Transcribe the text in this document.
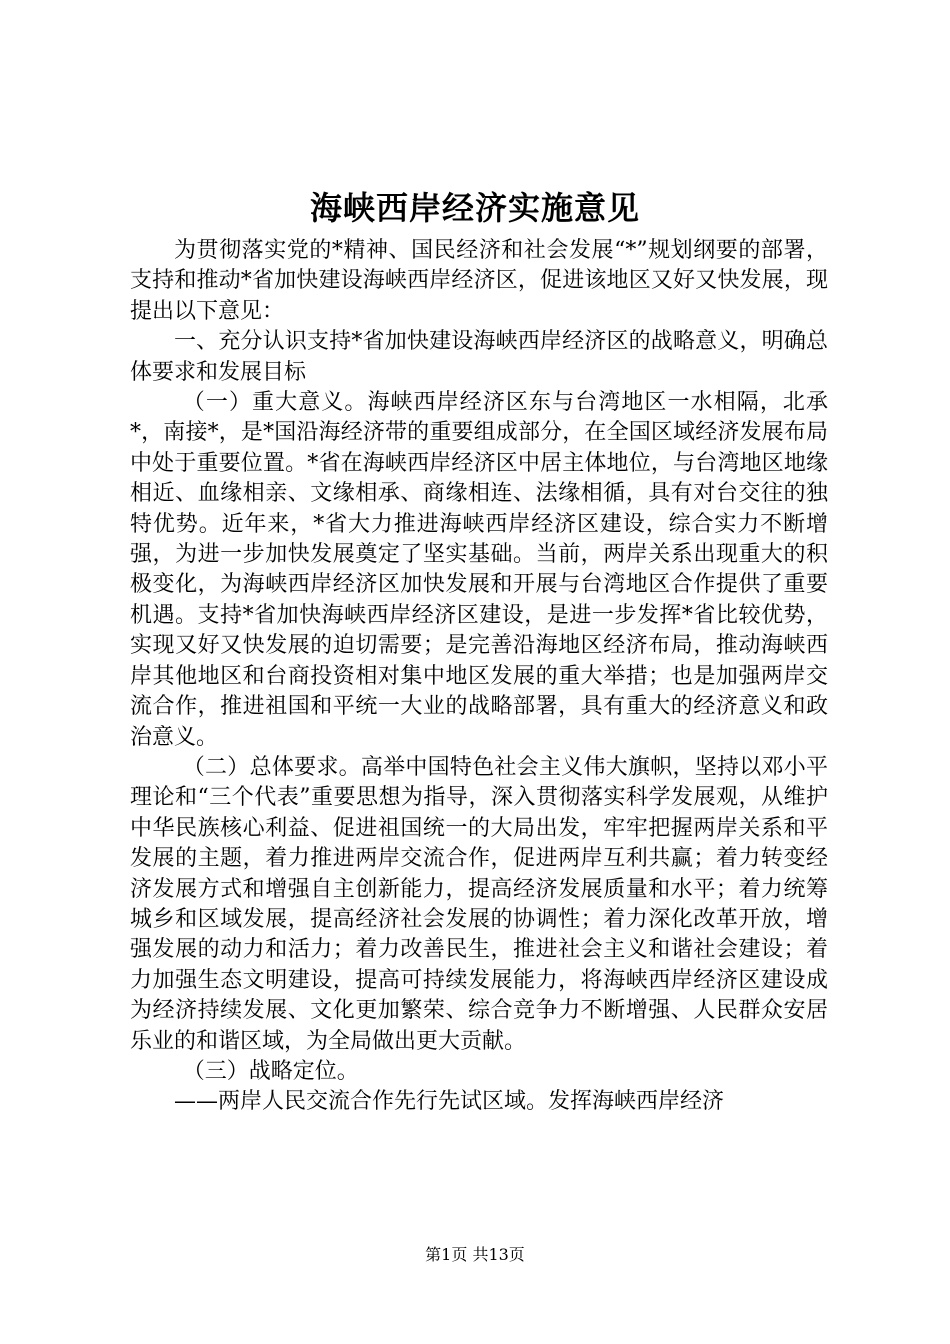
海峡西岸经济实施意见

为贯彻落实党的*精神、国民经济和社会发展“*”规划纲要的部署，支持和推动*省加快建设海峡西岸经济区，促进该地区又好又快发展，现提出以下意见：

一、充分认识支持*省加快建设海峡西岸经济区的战略意义，明确总体要求和发展目标

（一）重大意义。海峡西岸经济区东与台湾地区一水相隔，北承*，南接*，是*国沿海经济带的重要组成部分，在全国区域经济发展布局中处于重要位置。*省在海峡西岸经济区中居主体地位，与台湾地区地缘相近、血缘相亲、文缘相承、商缘相连、法缘相循，具有对台交往的独特优势。近年来，*省大力推进海峡西岸经济区建设，综合实力不断增强，为进一步加快发展奠定了坚实基础。当前，两岸关系出现重大的积极变化，为海峡西岸经济区加快发展和开展与台湾地区合作提供了重要机遇。支持*省加快海峡西岸经济区建设，是进一步发挥*省比较优势，实现又好又快发展的迫切需要；是完善沿海地区经济布局，推动海峡西岸其他地区和台商投资相对集中地区发展的重大举措；也是加强两岸交流合作，推进祖国和平统一大业的战略部署，具有重大的经济意义和政治意义。

（二）总体要求。高举中国特色社会主义伟大旗帜，坚持以邓小平理论和“三个代表”重要思想为指导，深入贯彻落实科学发展观，从维护中华民族核心利益、促进祖国统一的大局出发，牢牢把握两岸关系和平发展的主题，着力推进两岸交流合作，促进两岸互利共赢；着力转变经济发展方式和增强自主创新能力，提高经济发展质量和水平；着力统筹城乡和区域发展，提高经济社会发展的协调性；着力深化改革开放，增强发展的动力和活力；着力改善民生，推进社会主义和谐社会建设；着力加强生态文明建设，提高可持续发展能力，将海峡西岸经济区建设成为经济持续发展、文化更加繁荣、综合竞争力不断增强、人民群众安居乐业的和谐区域，为全局做出更大贡献。

（三）战略定位。

——两岸人民交流合作先行先试区域。发挥海峡西岸经济

第1页 共13页
